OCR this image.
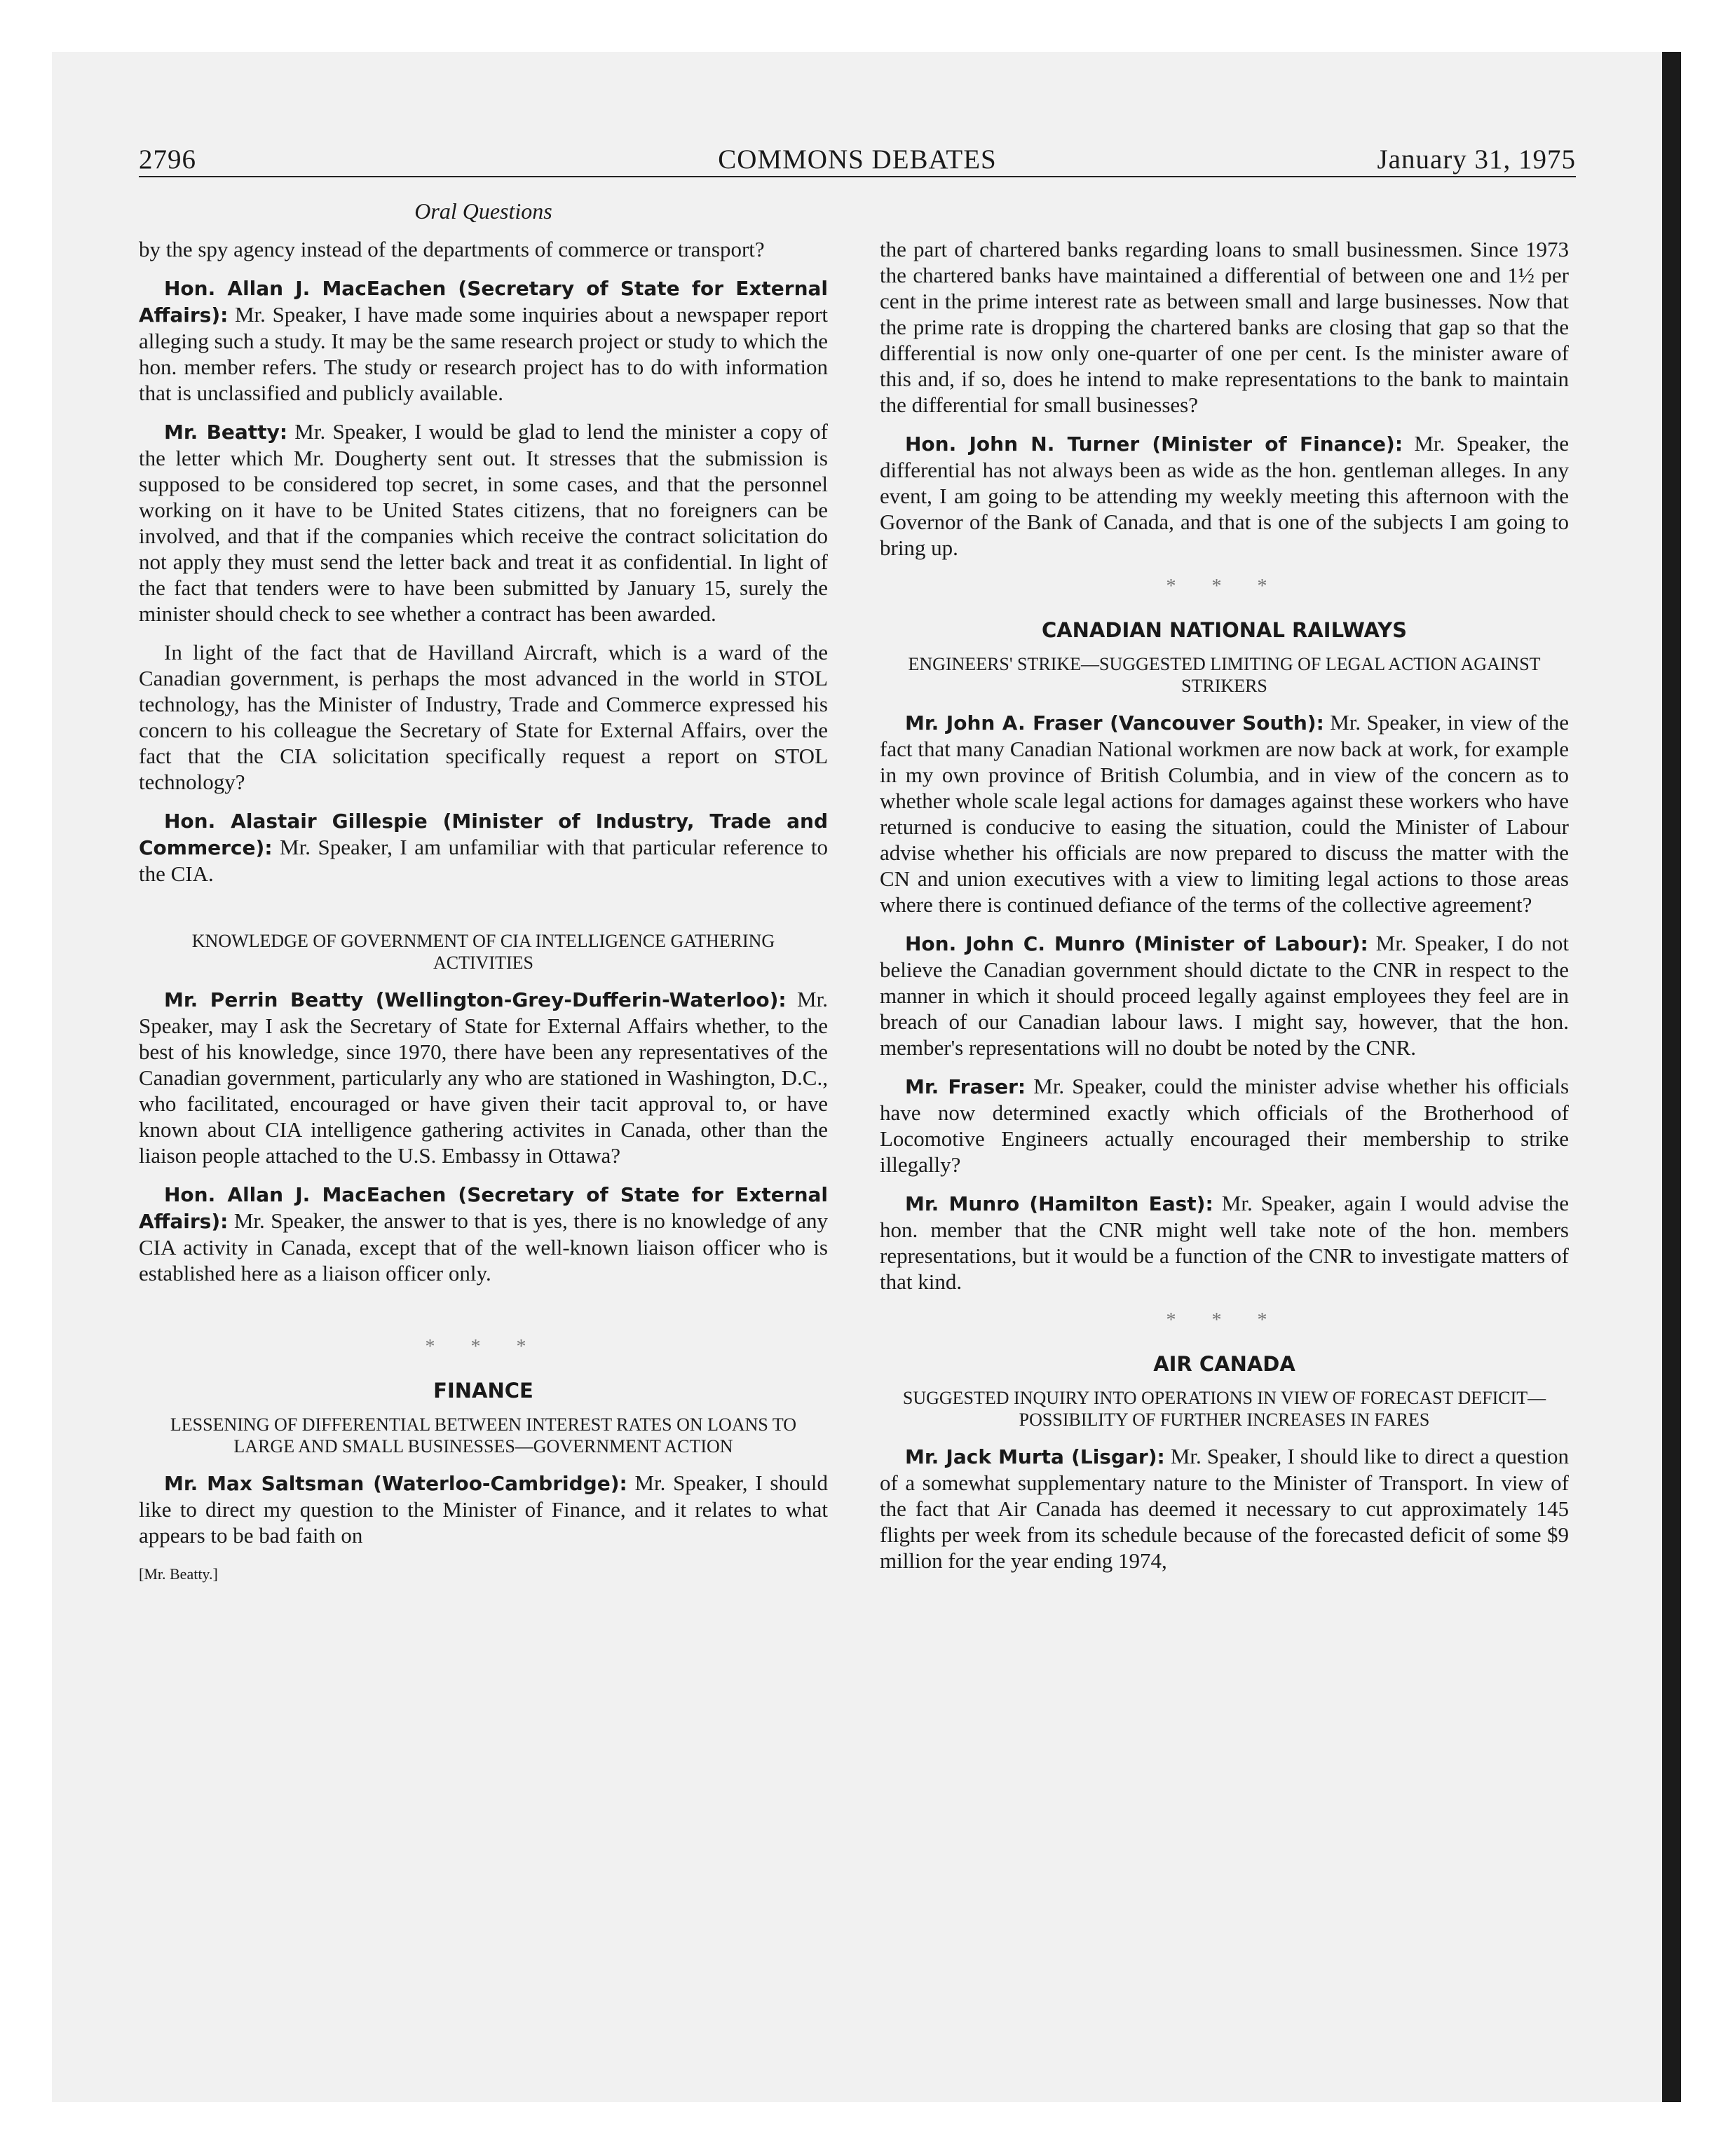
2796	COMMONS DEBATES	January 31, 1975
Oral Questions

by the spy agency instead of the departments of commerce or transport?

Hon. Allan J. MacEachen (Secretary of State for External Affairs): Mr. Speaker, I have made some inquiries about a newspaper report alleging such a study. It may be the same research project or study to which the hon. member refers. The study or research project has to do with information that is unclassified and publicly available.

Mr. Beatty: Mr. Speaker, I would be glad to lend the minister a copy of the letter which Mr. Dougherty sent out. It stresses that the submission is supposed to be considered top secret, in some cases, and that the personnel working on it have to be United States citizens, that no foreigners can be involved, and that if the companies which receive the contract solicitation do not apply they must send the letter back and treat it as confidential. In light of the fact that tenders were to have been submitted by January 15, surely the minister should check to see whether a contract has been awarded.

In light of the fact that de Havilland Aircraft, which is a ward of the Canadian government, is perhaps the most advanced in the world in STOL technology, has the Minister of Industry, Trade and Commerce expressed his concern to his colleague the Secretary of State for External Affairs, over the fact that the CIA solicitation specifically request a report on STOL technology?

Hon. Alastair Gillespie (Minister of Industry, Trade and Commerce): Mr. Speaker, I am unfamiliar with that particular reference to the CIA.

KNOWLEDGE OF GOVERNMENT OF CIA INTELLIGENCE GATHERING ACTIVITIES

Mr. Perrin Beatty (Wellington-Grey-Dufferin-Waterloo): Mr. Speaker, may I ask the Secretary of State for External Affairs whether, to the best of his knowledge, since 1970, there have been any representatives of the Canadian government, particularly any who are stationed in Washington, D.C., who facilitated, encouraged or have given their tacit approval to, or have known about CIA intelligence gathering activites in Canada, other than the liaison people attached to the U.S. Embassy in Ottawa?

Hon. Allan J. MacEachen (Secretary of State for External Affairs): Mr. Speaker, the answer to that is yes, there is no knowledge of any CIA activity in Canada, except that of the well-known liaison officer who is established here as a liaison officer only.

* * *
FINANCE
LESSENING OF DIFFERENTIAL BETWEEN INTEREST RATES ON LOANS TO LARGE AND SMALL BUSINESSES—GOVERNMENT ACTION

Mr. Max Saltsman (Waterloo-Cambridge): Mr. Speaker, I should like to direct my question to the Minister of Finance, and it relates to what appears to be bad faith on

[Mr. Beatty.]

the part of chartered banks regarding loans to small businessmen. Since 1973 the chartered banks have maintained a differential of between one and 1½ per cent in the prime interest rate as between small and large businesses. Now that the prime rate is dropping the chartered banks are closing that gap so that the differential is now only one-quarter of one per cent. Is the minister aware of this and, if so, does he intend to make representations to the bank to maintain the differential for small businesses?

Hon. John N. Turner (Minister of Finance): Mr. Speaker, the differential has not always been as wide as the hon. gentleman alleges. In any event, I am going to be attending my weekly meeting this afternoon with the Governor of the Bank of Canada, and that is one of the subjects I am going to bring up.

* * *
CANADIAN NATIONAL RAILWAYS
ENGINEERS' STRIKE—SUGGESTED LIMITING OF LEGAL ACTION AGAINST STRIKERS

Mr. John A. Fraser (Vancouver South): Mr. Speaker, in view of the fact that many Canadian National workmen are now back at work, for example in my own province of British Columbia, and in view of the concern as to whether whole scale legal actions for damages against these workers who have returned is conducive to easing the situation, could the Minister of Labour advise whether his officials are now prepared to discuss the matter with the CN and union executives with a view to limiting legal actions to those areas where there is continued defiance of the terms of the collective agreement?

Hon. John C. Munro (Minister of Labour): Mr. Speaker, I do not believe the Canadian government should dictate to the CNR in respect to the manner in which it should proceed legally against employees they feel are in breach of our Canadian labour laws. I might say, however, that the hon. member's representations will no doubt be noted by the CNR.

Mr. Fraser: Mr. Speaker, could the minister advise whether his officials have now determined exactly which officials of the Brotherhood of Locomotive Engineers actually encouraged their membership to strike illegally?

Mr. Munro (Hamilton East): Mr. Speaker, again I would advise the hon. member that the CNR might well take note of the hon. members representations, but it would be a function of the CNR to investigate matters of that kind.

* * *
AIR CANADA
SUGGESTED INQUIRY INTO OPERATIONS IN VIEW OF FORECAST DEFICIT—POSSIBILITY OF FURTHER INCREASES IN FARES

Mr. Jack Murta (Lisgar): Mr. Speaker, I should like to direct a question of a somewhat supplementary nature to the Minister of Transport. In view of the fact that Air Canada has deemed it necessary to cut approximately 145 flights per week from its schedule because of the forecasted deficit of some $9 million for the year ending 1974,
